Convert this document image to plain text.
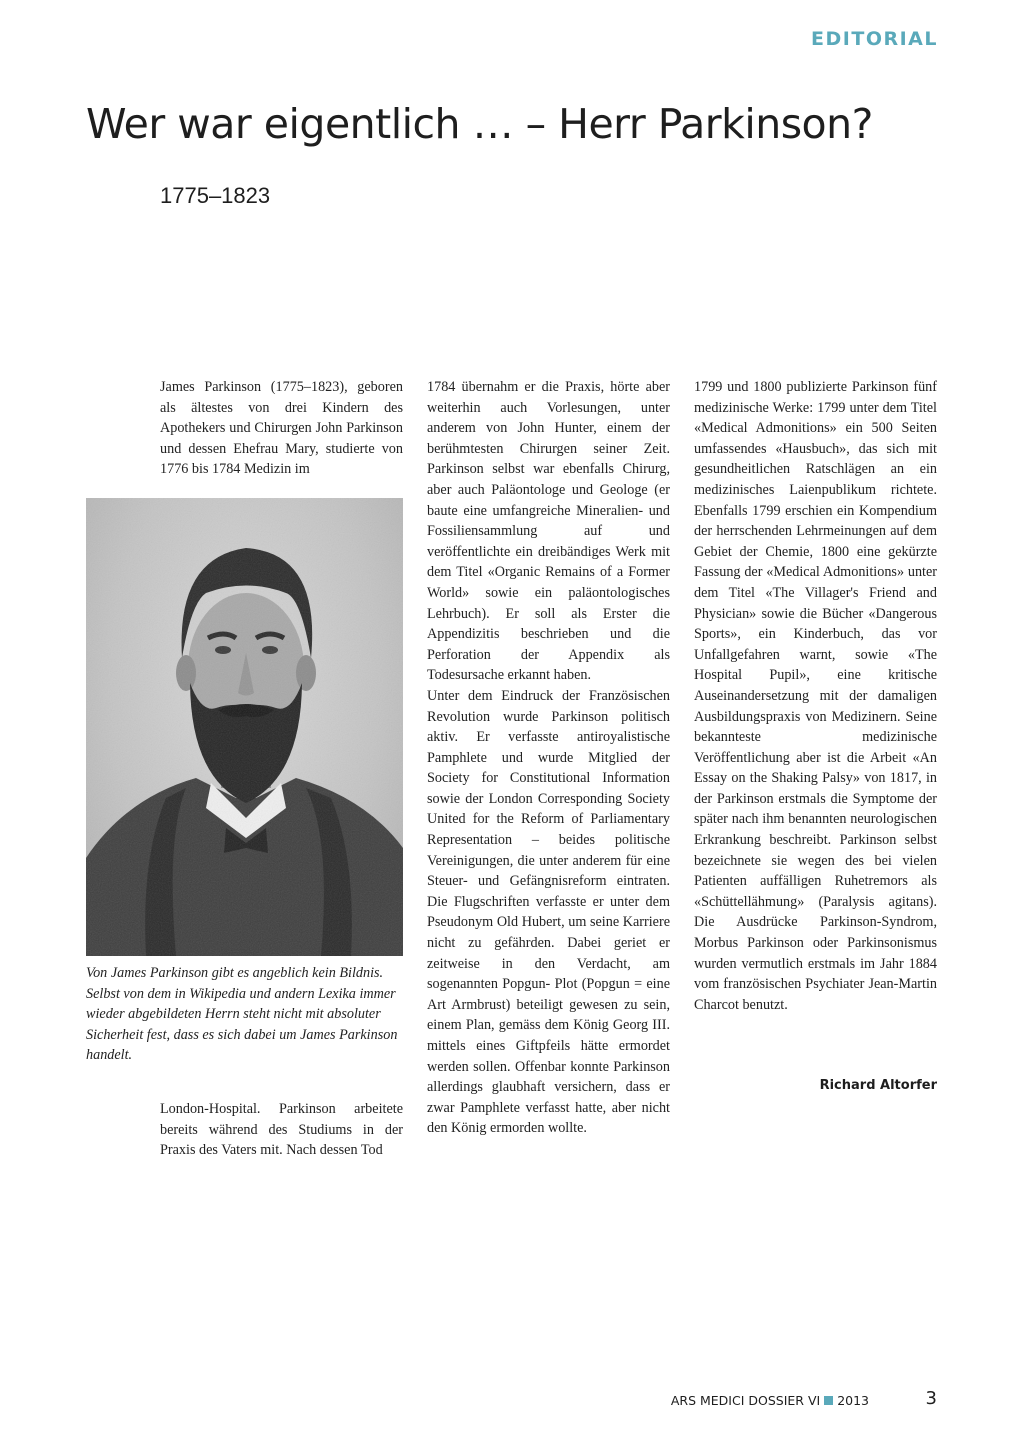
EDITORIAL
Wer war eigentlich … – Herr Parkinson?
1775–1823

James Parkinson (1775–1823), geboren als ältestes von drei Kindern des Apothekers und Chirurgen John Parkinson und dessen Ehefrau Mary, studierte von 1776 bis 1784 Medizin im

Von James Parkinson gibt es angeblich kein Bildnis. Selbst von dem in Wikipedia und andern Lexika immer wieder abgebildeten Herrn steht nicht mit absoluter Sicherheit fest, dass es sich dabei um James Parkinson handelt.

London-Hospital. Parkinson arbeitete bereits während des Studiums in der Praxis des Vaters mit. Nach dessen Tod

1784 übernahm er die Praxis, hörte aber weiterhin auch Vorlesungen, unter anderem von John Hunter, einem der berühmtesten Chirurgen seiner Zeit. Parkinson selbst war ebenfalls Chirurg, aber auch Paläontologe und Geologe (er baute eine umfangreiche Mineralien- und Fossiliensammlung auf und veröffentlichte ein dreibändiges Werk mit dem Titel «Organic Remains of a Former World» sowie ein paläontologisches Lehrbuch). Er soll als Erster die Appendizitis beschrieben und die Perforation der Appendix als Todesursache erkannt haben.

Unter dem Eindruck der Französischen Revolution wurde Parkinson politisch aktiv. Er verfasste antiroyalistische Pamphlete und wurde Mitglied der Society for Constitutional Information sowie der London Corresponding Society United for the Reform of Parliamentary Representation – beides politische Vereinigungen, die unter anderem für eine Steuer- und Gefängnisreform eintraten. Die Flugschriften verfasste er unter dem Pseudonym Old Hubert, um seine Karriere nicht zu gefährden. Dabei geriet er zeitweise in den Verdacht, am sogenannten Popgun- Plot (Popgun = eine Art Armbrust) beteiligt gewesen zu sein, einem Plan, gemäss dem König Georg III. mittels eines Giftpfeils hätte ermordet werden sollen. Offenbar konnte Parkinson allerdings glaubhaft versichern, dass er zwar Pamphlete verfasst hatte, aber nicht den König ermorden wollte.

1799 und 1800 publizierte Parkinson fünf medizinische Werke: 1799 unter dem Titel «Medical Admonitions» ein 500 Seiten umfassendes «Hausbuch», das sich mit gesundheitlichen Ratschlägen an ein medizinisches Laienpublikum richtete. Ebenfalls 1799 erschien ein Kompendium der herrschenden Lehrmeinungen auf dem Gebiet der Chemie, 1800 eine gekürzte Fassung der «Medical Admonitions» unter dem Titel «The Villager's Friend and Physician» sowie die Bücher «Dangerous Sports», ein Kinderbuch, das vor Unfallgefahren warnt, sowie «The Hospital Pupil», eine kritische Auseinandersetzung mit der damaligen Ausbildungspraxis von Medizinern. Seine bekannteste medizinische Veröffentlichung aber ist die Arbeit «An Essay on the Shaking Palsy» von 1817, in der Parkinson erstmals die Symptome der später nach ihm benannten neurologischen Erkrankung beschreibt. Parkinson selbst bezeichnete sie wegen des bei vielen Patienten auffälligen Ruhetremors als «Schüttellähmung» (Paralysis agitans). Die Ausdrücke Parkinson-Syndrom, Morbus Parkinson oder Parkinsonismus wurden vermutlich erstmals im Jahr 1884 vom französischen Psychiater Jean-Martin Charcot benutzt.

Richard Altorfer
ARS MEDICI DOSSIER VI 2013	3
